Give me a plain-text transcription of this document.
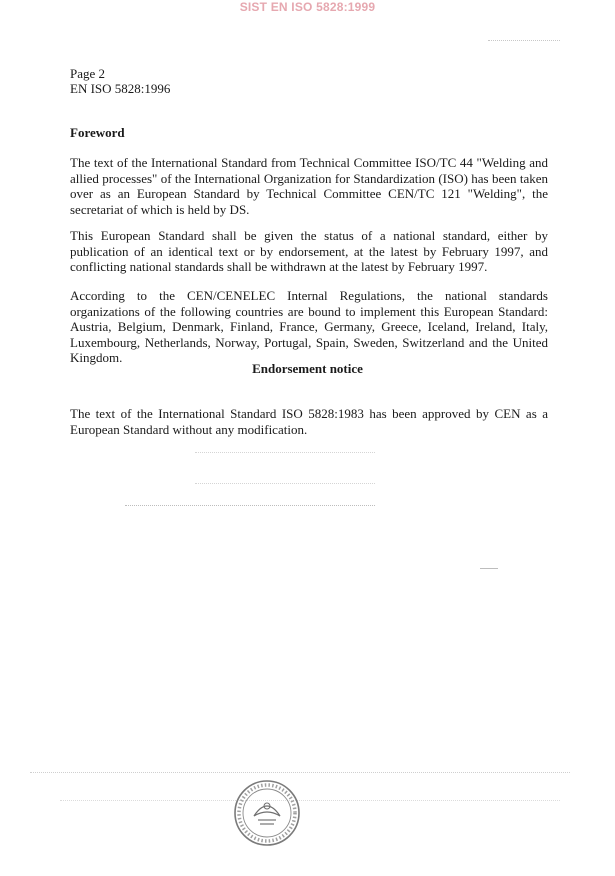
SIST EN ISO 5828:1999
Page 2
EN ISO 5828:1996
Foreword
The text of the International Standard from Technical Committee ISO/TC 44 "Welding and allied processes" of the International Organization for Standardization (ISO) has been taken over as an European Standard by Technical Committee CEN/TC 121 "Welding", the secretariat of which is held by DS.
This European Standard shall be given the status of a national standard, either by publication of an identical text or by endorsement, at the latest by February 1997, and conflicting national standards shall be withdrawn at the latest by February 1997.
According to the CEN/CENELEC Internal Regulations, the national standards organizations of the following countries are bound to implement this European Standard: Austria, Belgium, Denmark, Finland, France, Germany, Greece, Iceland, Ireland, Italy, Luxembourg, Netherlands, Norway, Portugal, Spain, Sweden, Switzerland and the United Kingdom.
Endorsement notice
The text of the International Standard ISO 5828:1983 has been approved by CEN as a European Standard without any modification.
